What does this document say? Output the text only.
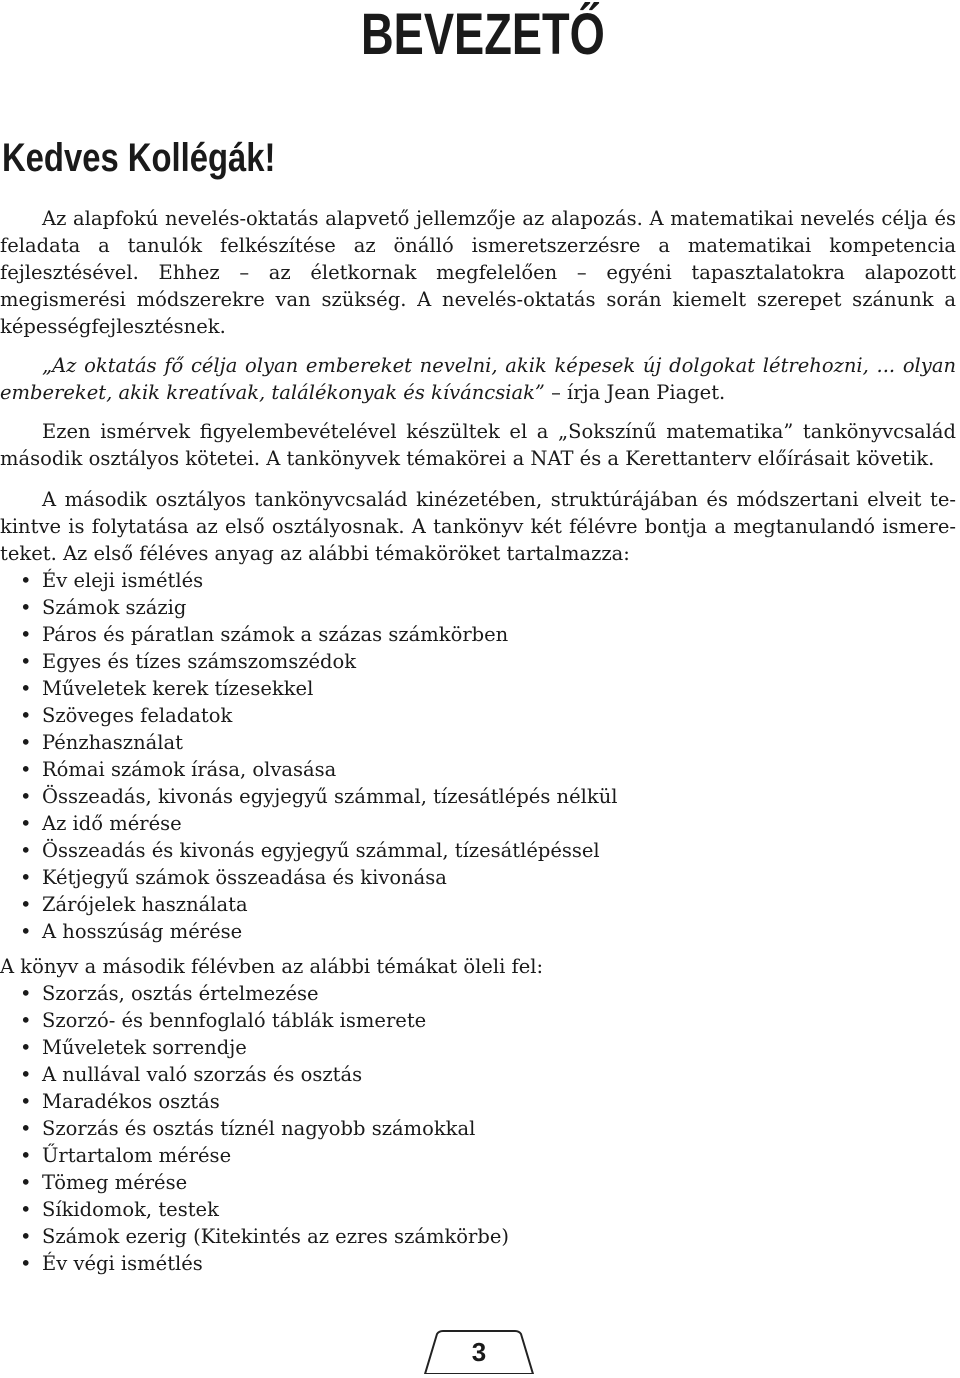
BEVEZETŐ
Kedves Kollégák!

Az alapfokú nevelés-oktatás alapvető jellemzője az alapozás. A matematikai nevelés célja és feladata a tanulók felkészítése az önálló ismeretszerzésre a matematikai kompetencia fejlesztésével. Ehhez – az életkornak megfelelően – egyéni tapasztalatokra alapozott megismerési módszerekre van szükség. A nevelés-oktatás során kiemelt szerepet szánunk a képességfejlesztésnek.

„Az oktatás fő célja olyan embereket nevelni, akik képesek új dolgokat létrehozni, ... olyan embereket, akik kreatívak, találékonyak és kíváncsiak” – írja Jean Piaget.

Ezen ismérvek figyelembevételével készültek el a „Sokszínű matematika” tankönyvcsalád második osztályos kötetei. A tankönyvek témakörei a NAT és a Kerettanterv előírásait követik.

A második osztályos tankönyvcsalád kinézetében, struktúrájában és módszertani elveit tekintve is folytatása az első osztályosnak. A tankönyv két félévre bontja a megtanulandó ismereteket. Az első féléves anyag az alábbi témaköröket tartalmazza:

• Év eleji ismétlés
• Számok százig
• Páros és páratlan számok a százas számkörben
• Egyes és tízes számszomszédok
• Műveletek kerek tízesekkel
• Szöveges feladatok
• Pénzhasználat
• Római számok írása, olvasása
• Összeadás, kivonás egyjegyű számmal, tízesátlépés nélkül
• Az idő mérése
• Összeadás és kivonás egyjegyű számmal, tízesátlépéssel
• Kétjegyű számok összeadása és kivonása
• Zárójelek használata
• A hosszúság mérése

A könyv a második félévben az alábbi témákat öleli fel:

• Szorzás, osztás értelmezése
• Szorzó- és bennfoglaló táblák ismerete
• Műveletek sorrendje
• A nullával való szorzás és osztás
• Maradékos osztás
• Szorzás és osztás tíznél nagyobb számokkal
• Űrtartalom mérése
• Tömeg mérése
• Síkidomok, testek
• Számok ezerig (Kitekintés az ezres számkörbe)
• Év végi ismétlés
3
